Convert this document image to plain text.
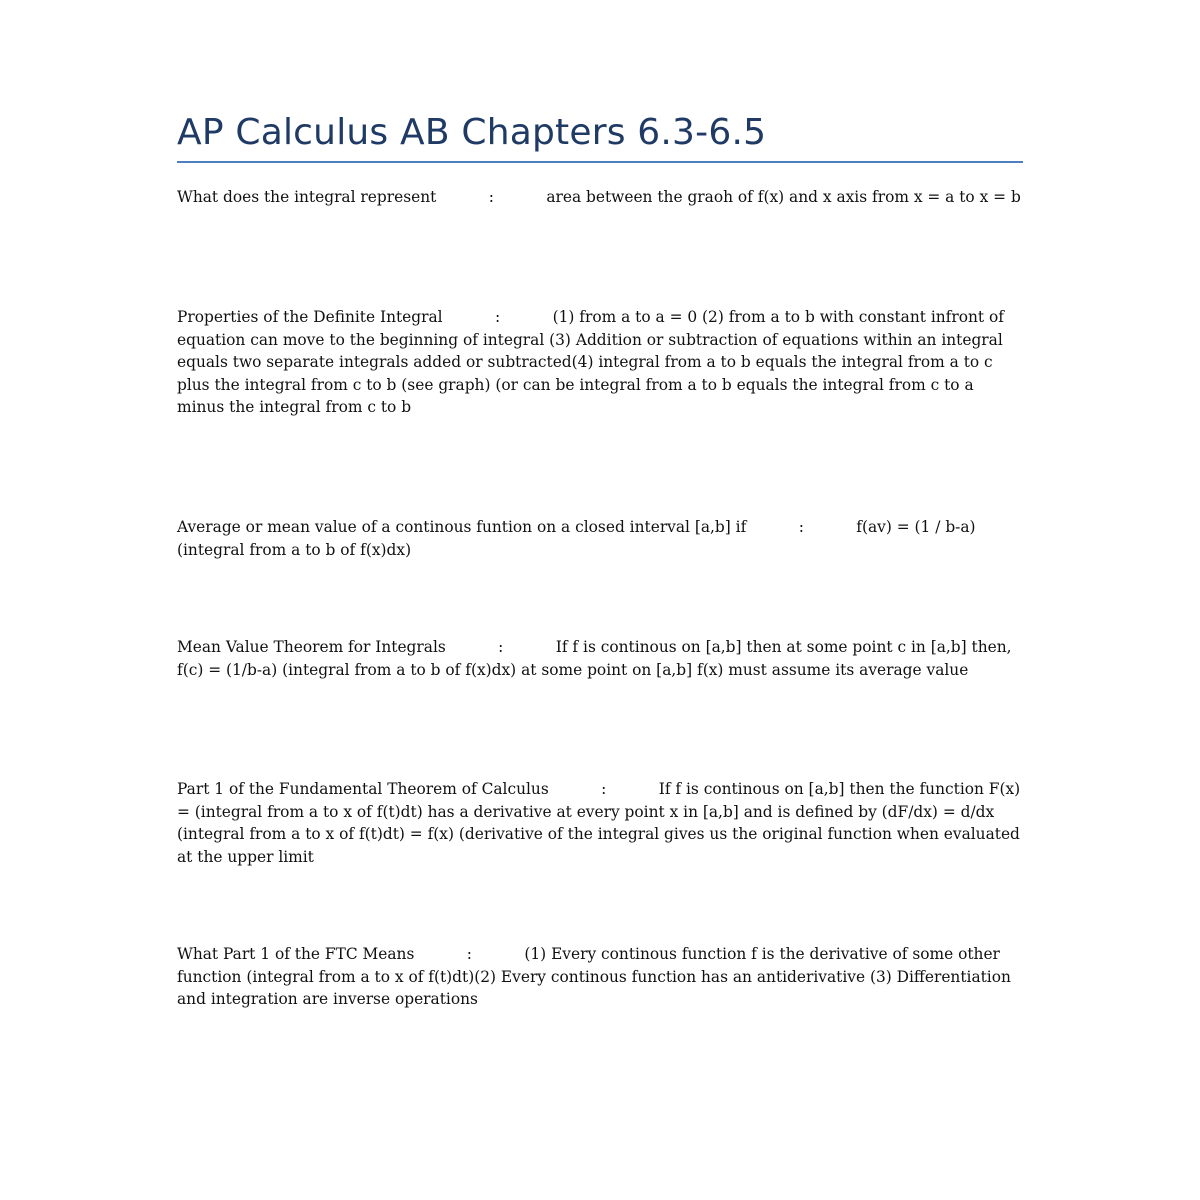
AP Calculus AB Chapters 6.3-6.5
What does the integral represent	:	area between the graoh of f(x) and x axis from x = a to x = b
Properties of the Definite Integral	:	(1) from a to a = 0 (2) from a to b with constant infront of equation can move to the beginning of integral (3) Addition or subtraction of equations within an integral equals two separate integrals added or subtracted(4) integral from a to b equals the integral from a to c plus the integral from c to b (see graph) (or can be integral from a to b equals the integral from c to a minus the integral from c to b
Average or mean value of a continous funtion on a closed interval [a,b] if	:	f(av) = (1 / b-a) (integral from a to b of f(x)dx)
Mean Value Theorem for Integrals	:	If f is continous on [a,b] then at some point c in [a,b] then, f(c) = (1/b-a) (integral from a to b of f(x)dx) at some point on [a,b] f(x) must assume its average value
Part 1 of the Fundamental Theorem of Calculus	:	If f is continous on [a,b] then the function F(x) = (integral from a to x of f(t)dt) has a derivative at every point x in [a,b] and is defined by (dF/dx) = d/dx (integral from a to x of f(t)dt) = f(x) (derivative of the integral gives us the original function when evaluated at the upper limit
What Part 1 of the FTC Means	:	(1) Every continous function f is the derivative of some other function (integral from a to x of f(t)dt)(2) Every continous function has an antiderivative (3) Differentiation and integration are inverse operations
